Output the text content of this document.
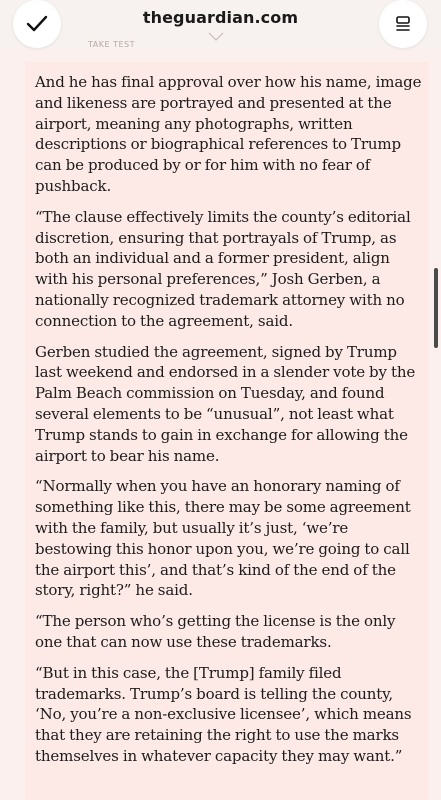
theguardian.com
TAKE TEST

And he has final approval over how his name, image and likeness are portrayed and presented at the airport, meaning any photographs, written descriptions or biographical references to Trump can be produced by or for him with no fear of pushback.

“The clause effectively limits the county’s editorial discretion, ensuring that portrayals of Trump, as both an individual and a former president, align with his personal preferences,” Josh Gerben, a nationally recognized trademark attorney with no connection to the agreement, said.

Gerben studied the agreement, signed by Trump last weekend and endorsed in a slender vote by the Palm Beach commission on Tuesday, and found several elements to be “unusual”, not least what Trump stands to gain in exchange for allowing the airport to bear his name.

“Normally when you have an honorary naming of something like this, there may be some agreement with the family, but usually it’s just, ‘we’re bestowing this honor upon you, we’re going to call the airport this’, and that’s kind of the end of the story, right?” he said.

“The person who’s getting the license is the only one that can now use these trademarks.

“But in this case, the [Trump] family filed trademarks. Trump’s board is telling the county, ‘No, you’re a non-exclusive licensee’, which means that they are retaining the right to use the marks themselves in whatever capacity they may want.”
